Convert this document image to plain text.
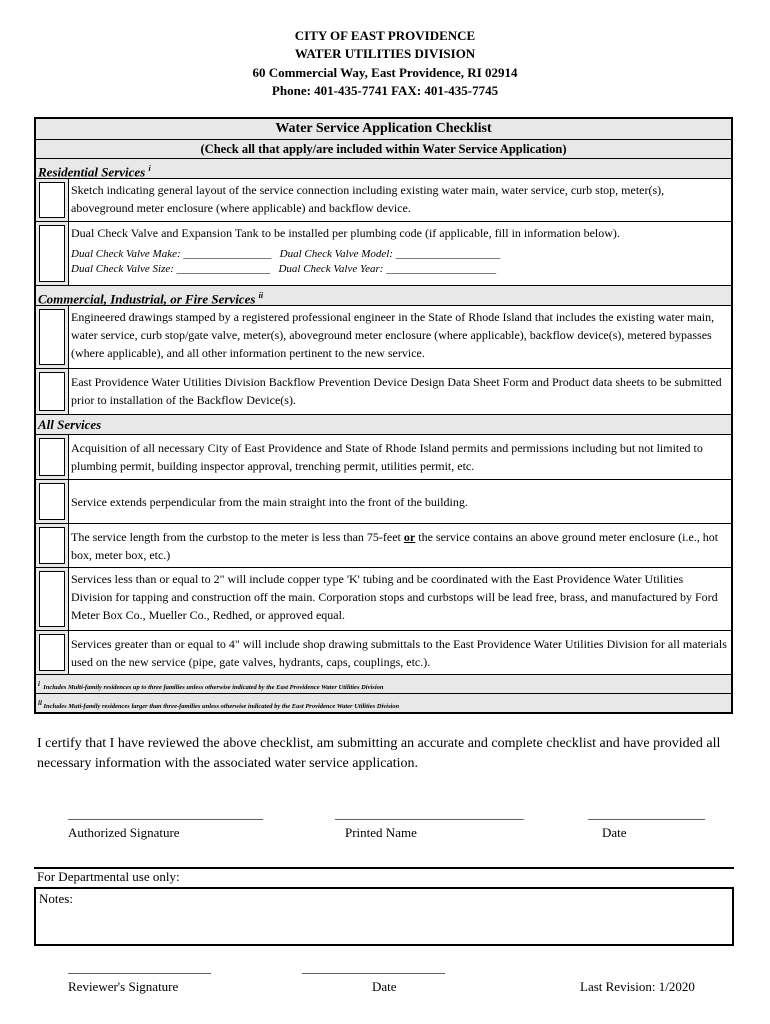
CITY OF EAST PROVIDENCE
WATER UTILITIES DIVISION
60 Commercial Way, East Providence, RI 02914
Phone: 401-435-7741 FAX: 401-435-7745
Water Service Application Checklist
(Check all that apply/are included within Water Service Application)
Residential Services $^i$
Sketch indicating general layout of the service connection including existing water main, water service, curb stop, meter(s), aboveground meter enclosure (where applicable) and backflow device.
Dual Check Valve and Expansion Tank to be installed per plumbing code (if applicable, fill in information below).
Dual Check Valve Make: ________________ Dual Check Valve Model: ___________________
Dual Check Valve Size: _________________ Dual Check Valve Year: ____________________
Commercial, Industrial, or Fire Services $^{ii}$
Engineered drawings stamped by a registered professional engineer in the State of Rhode Island that includes the existing water main, water service, curb stop/gate valve, meter(s), aboveground meter enclosure (where applicable), backflow device(s), metered bypasses (where applicable), and all other information pertinent to the new service.
East Providence Water Utilities Division Backflow Prevention Device Design Data Sheet Form and Product data sheets to be submitted prior to installation of the Backflow Device(s).
All Services
Acquisition of all necessary City of East Providence and State of Rhode Island permits and permissions including but not limited to plumbing permit, building inspector approval, trenching permit, utilities permit, etc.
Service extends perpendicular from the main straight into the front of the building.
The service length from the curbstop to the meter is less than 75-feet or the service contains an above ground meter enclosure (i.e., hot box, meter box, etc.)
Services less than or equal to 2" will include copper type 'K' tubing and be coordinated with the East Providence Water Utilities Division for tapping and construction off the main. Corporation stops and curbstops will be lead free, brass, and manufactured by Ford Meter Box Co., Mueller Co., Redhed, or approved equal.
Services greater than or equal to 4" will include shop drawing submittals to the East Providence Water Utilities Division for all materials used on the new service (pipe, gate valves, hydrants, caps, couplings, etc.).
$^i$ Includes Multi-family residences up to three families unless otherwise indicated by the East Providence Water Utilities Division
$^{ii}$ Includes Muti-family residences larger than three-families unless otherwise indicated by the East Providence Water Utilities Division
I certify that I have reviewed the above checklist, am submitting an accurate and complete checklist and have provided all necessary information with the associated water service application.
______________________________	_____________________________	__________________
Authorized Signature	Printed Name	Date
For Departmental use only:
Notes:
______________________	______________________
Reviewer's Signature	Date	Last Revision: 1/2020
